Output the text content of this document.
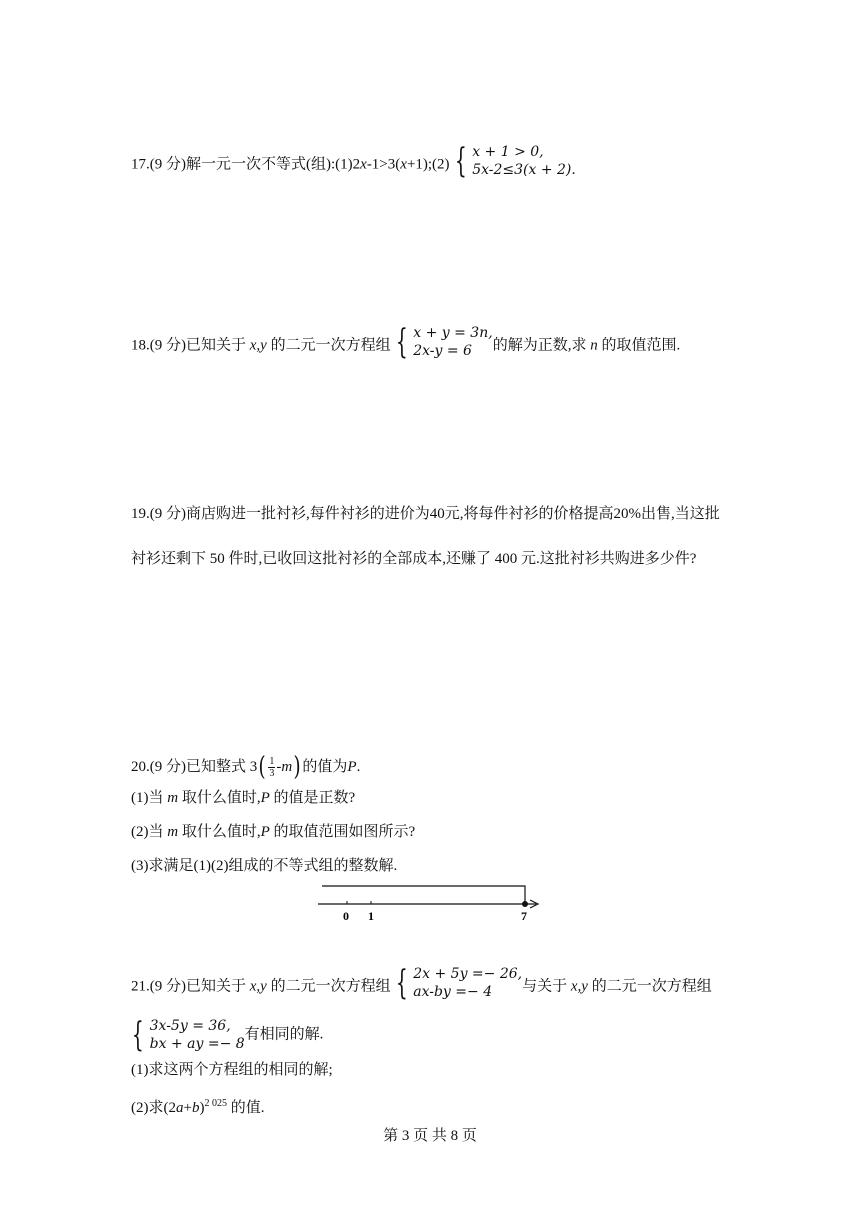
17.(9 分)解一元一次不等式(组):(1)2x-1>3(x+1);(2) { x + 1 > 0,
5x-2≤3(x + 2).
18.(9 分)已知关于 x,y 的二元一次方程组 { x + y = 3n,
2x-y = 6	的解为正数,求 n 的取值范围.
19.(9 分)商店购进一批衬衫,每件衬衫的进价为40元,将每件衬衫的价格提高20%出售,当这批
衬衫还剩下 50 件时,已收回这批衬衫的全部成本,还赚了 400 元.这批衬衫共购进多少件?
20.(9 分)已知整式 3 ( $\frac{1}{3} -m$ ) 的值为 P .
(1)当 m 取什么值时,P 的值是正数?
(2)当 m 取什么值时,P 的取值范围如图所示?
(3)求满足(1)(2)组成的不等式组的整数解.
0 1	7
21.(9 分)已知关于 x,y 的二元一次方程组 { 2x + 5y =− 26,
ax-by =− 4	与关于 x,y 的二元一次方程组
{ 3x-5y = 36,
bx + ay =− 8
有相同的解.
(1)求这两个方程组的相同的解;
(2)求$(2a+b)^{2 025}$ 的值.
第 3 页 共 8 页
